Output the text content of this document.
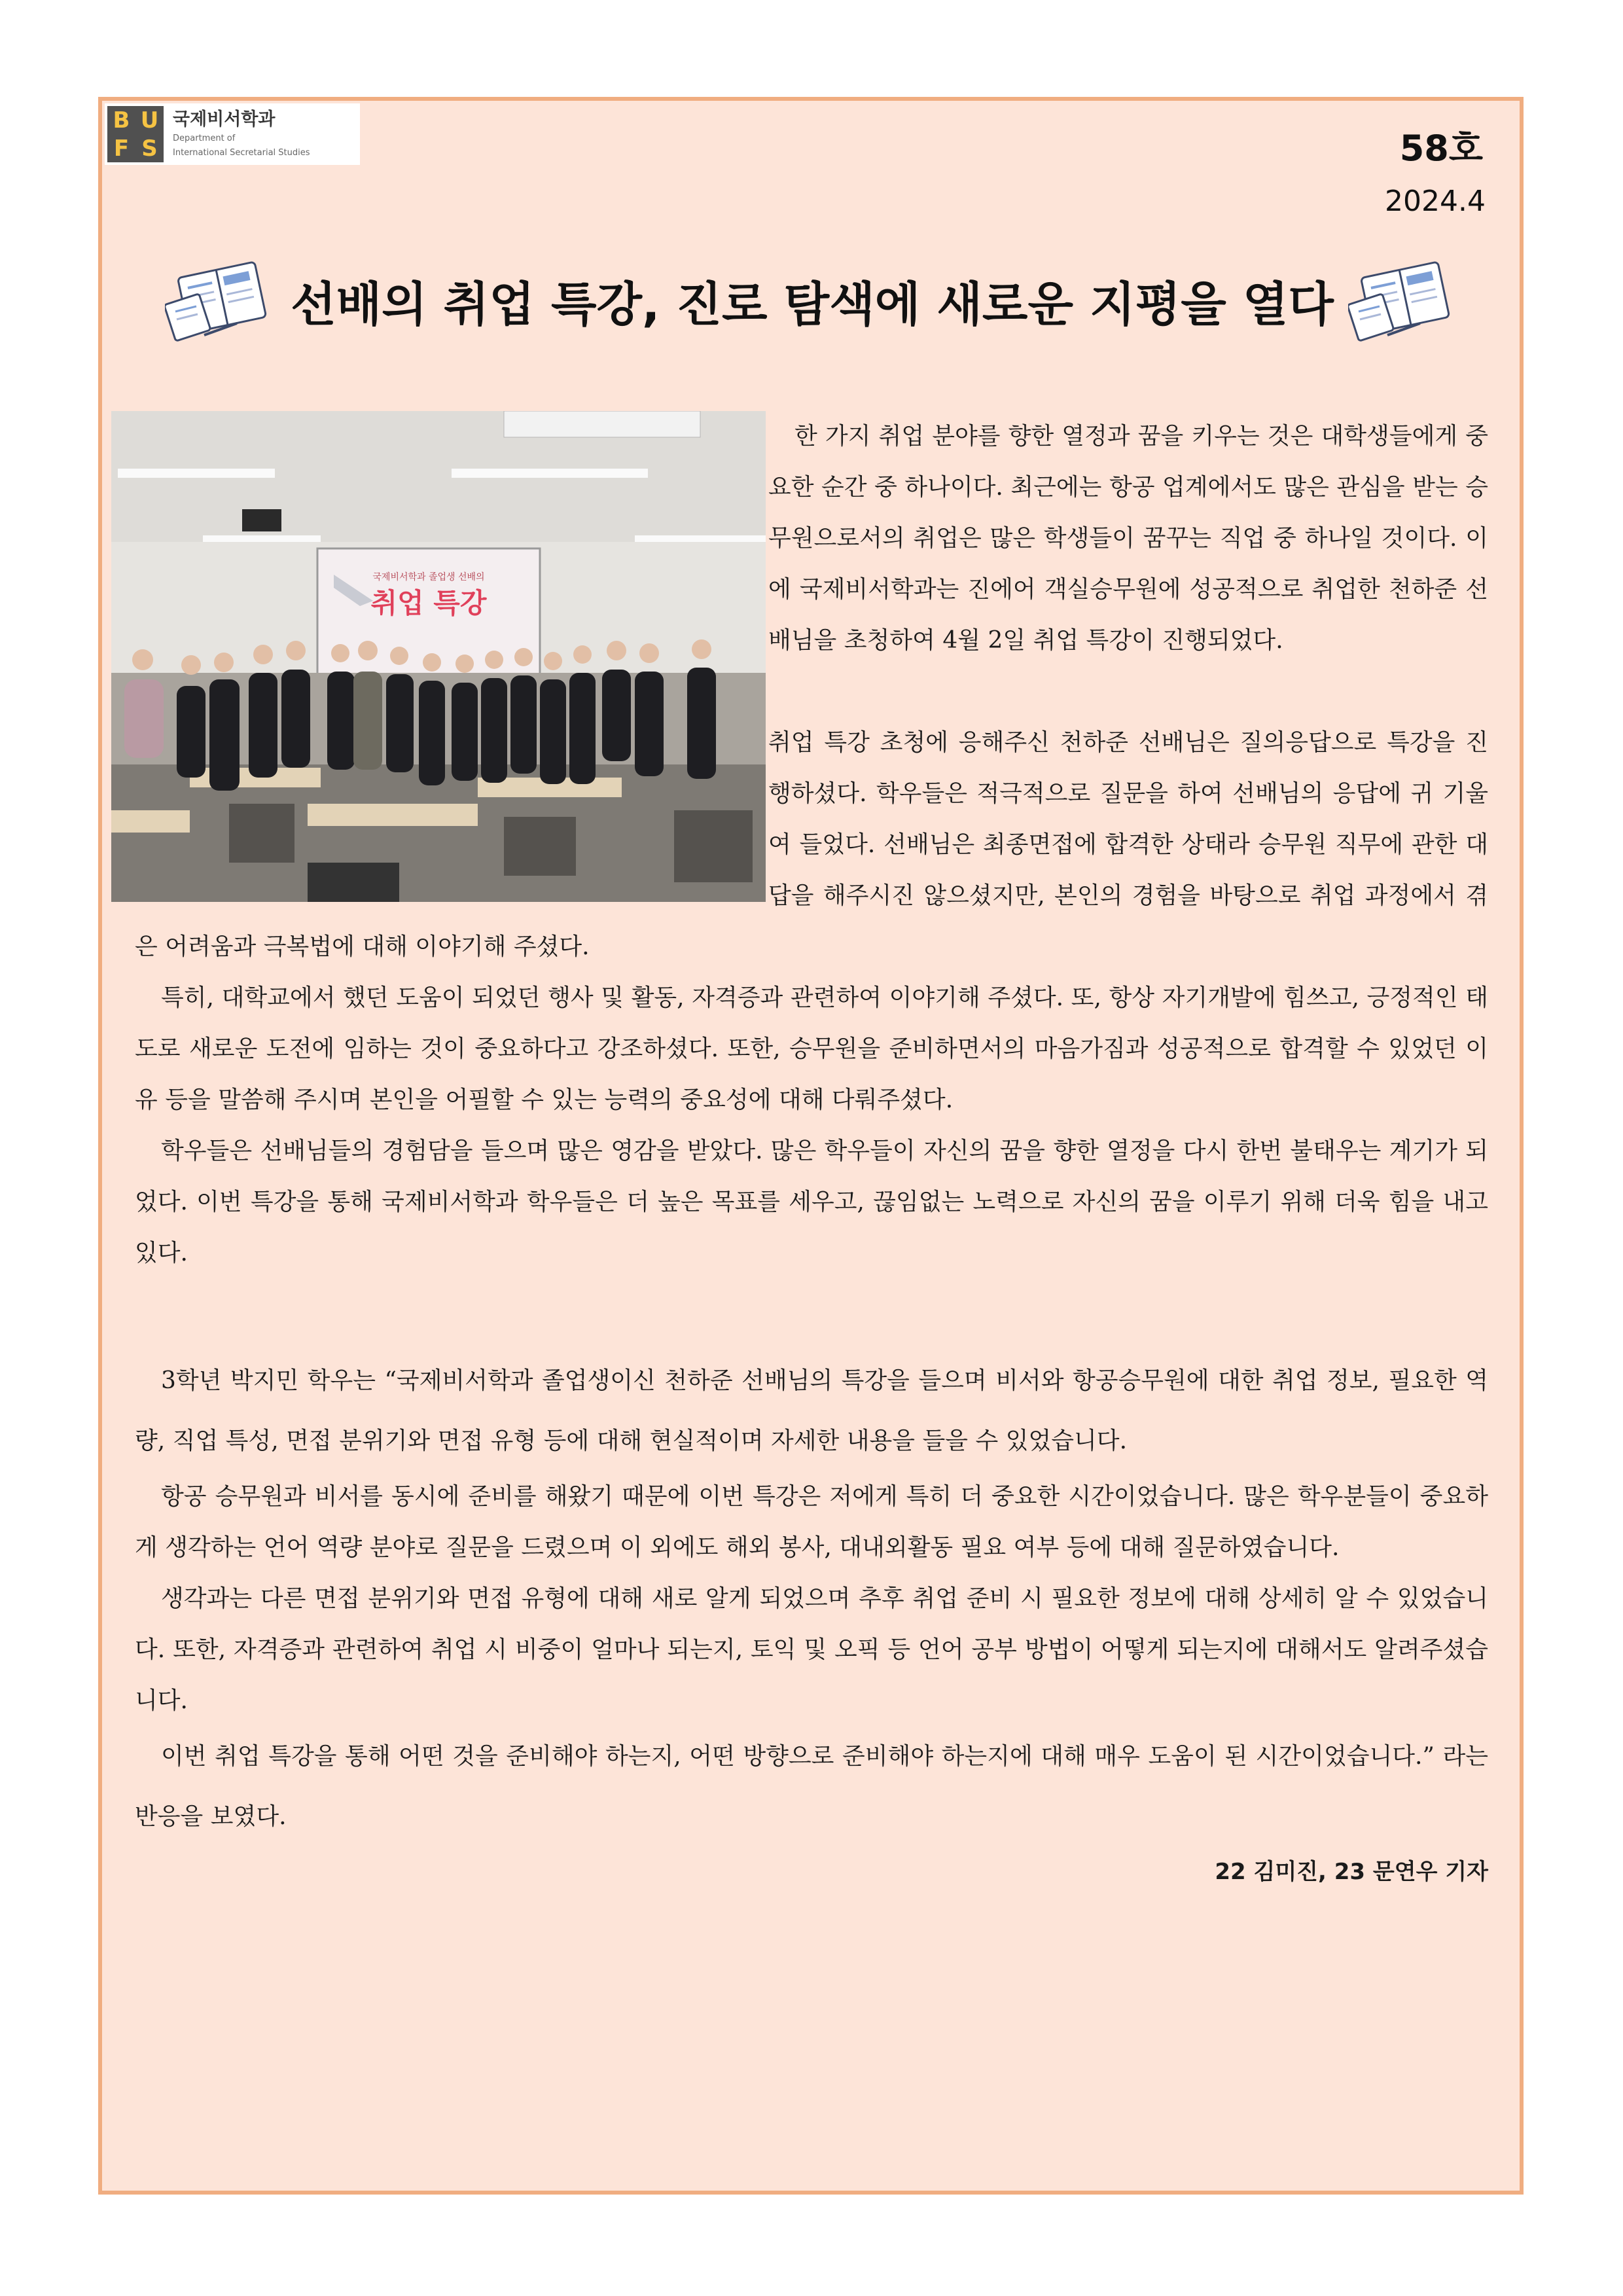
B U
F S
국제비서학과
Department of
International Secretarial Studies	58호
2024.4
선배의 취업 특강, 진로 탐색에 새로운 지평을 열다
국제비서학과 졸업생 선배의
취업 특강

한 가지 취업 분야를 향한 열정과 꿈을 키우는 것은 대학생들에게 중요한 순간 중 하나이다. 최근에는 항공 업계에서도 많은 관심을 받는 승무원으로서의 취업은 많은 학생들이 꿈꾸는 직업 중 하나일 것이다. 이에 국제비서학과는 진에어 객실승무원에 성공적으로 취업한 천하준 선배님을 초청하여 4월 2일 취업 특강이 진행되었다.

취업 특강 초청에 응해주신 천하준 선배님은 질의응답으로 특강을 진행하셨다. 학우들은 적극적으로 질문을 하여 선배님의 응답에 귀 기울여 들었다. 선배님은 최종면접에 합격한 상태라 승무원 직무에 관한 대답을 해주시진 않으셨지만, 본인의 경험을 바탕으로 취업 과정에서 겪은 어려움과 극복법에 대해 이야기해 주셨다.

특히, 대학교에서 했던 도움이 되었던 행사 및 활동, 자격증과 관련하여 이야기해 주셨다. 또, 항상 자기개발에 힘쓰고, 긍정적인 태도로 새로운 도전에 임하는 것이 중요하다고 강조하셨다. 또한, 승무원을 준비하면서의 마음가짐과 성공적으로 합격할 수 있었던 이유 등을 말씀해 주시며 본인을 어필할 수 있는 능력의 중요성에 대해 다뤄주셨다.

학우들은 선배님들의 경험담을 들으며 많은 영감을 받았다. 많은 학우들이 자신의 꿈을 향한 열정을 다시 한번 불태우는 계기가 되었다. 이번 특강을 통해 국제비서학과 학우들은 더 높은 목표를 세우고, 끊임없는 노력으로 자신의 꿈을 이루기 위해 더욱 힘을 내고 있다.

3학년 박지민 학우는 “국제비서학과 졸업생이신 천하준 선배님의 특강을 들으며 비서와 항공승무원에 대한 취업 정보, 필요한 역량, 직업 특성, 면접 분위기와 면접 유형 등에 대해 현실적이며 자세한 내용을 들을 수 있었습니다.

항공 승무원과 비서를 동시에 준비를 해왔기 때문에 이번 특강은 저에게 특히 더 중요한 시간이었습니다. 많은 학우분들이 중요하게 생각하는 언어 역량 분야로 질문을 드렸으며 이 외에도 해외 봉사, 대내외활동 필요 여부 등에 대해 질문하였습니다.

생각과는 다른 면접 분위기와 면접 유형에 대해 새로 알게 되었으며 추후 취업 준비 시 필요한 정보에 대해 상세히 알 수 있었습니다. 또한, 자격증과 관련하여 취업 시 비중이 얼마나 되는지, 토익 및 오픽 등 언어 공부 방법이 어떻게 되는지에 대해서도 알려주셨습니다.

이번 취업 특강을 통해 어떤 것을 준비해야 하는지, 어떤 방향으로 준비해야 하는지에 대해 매우 도움이 된 시간이었습니다.” 라는 반응을 보였다.

22 김미진, 23 문연우 기자
